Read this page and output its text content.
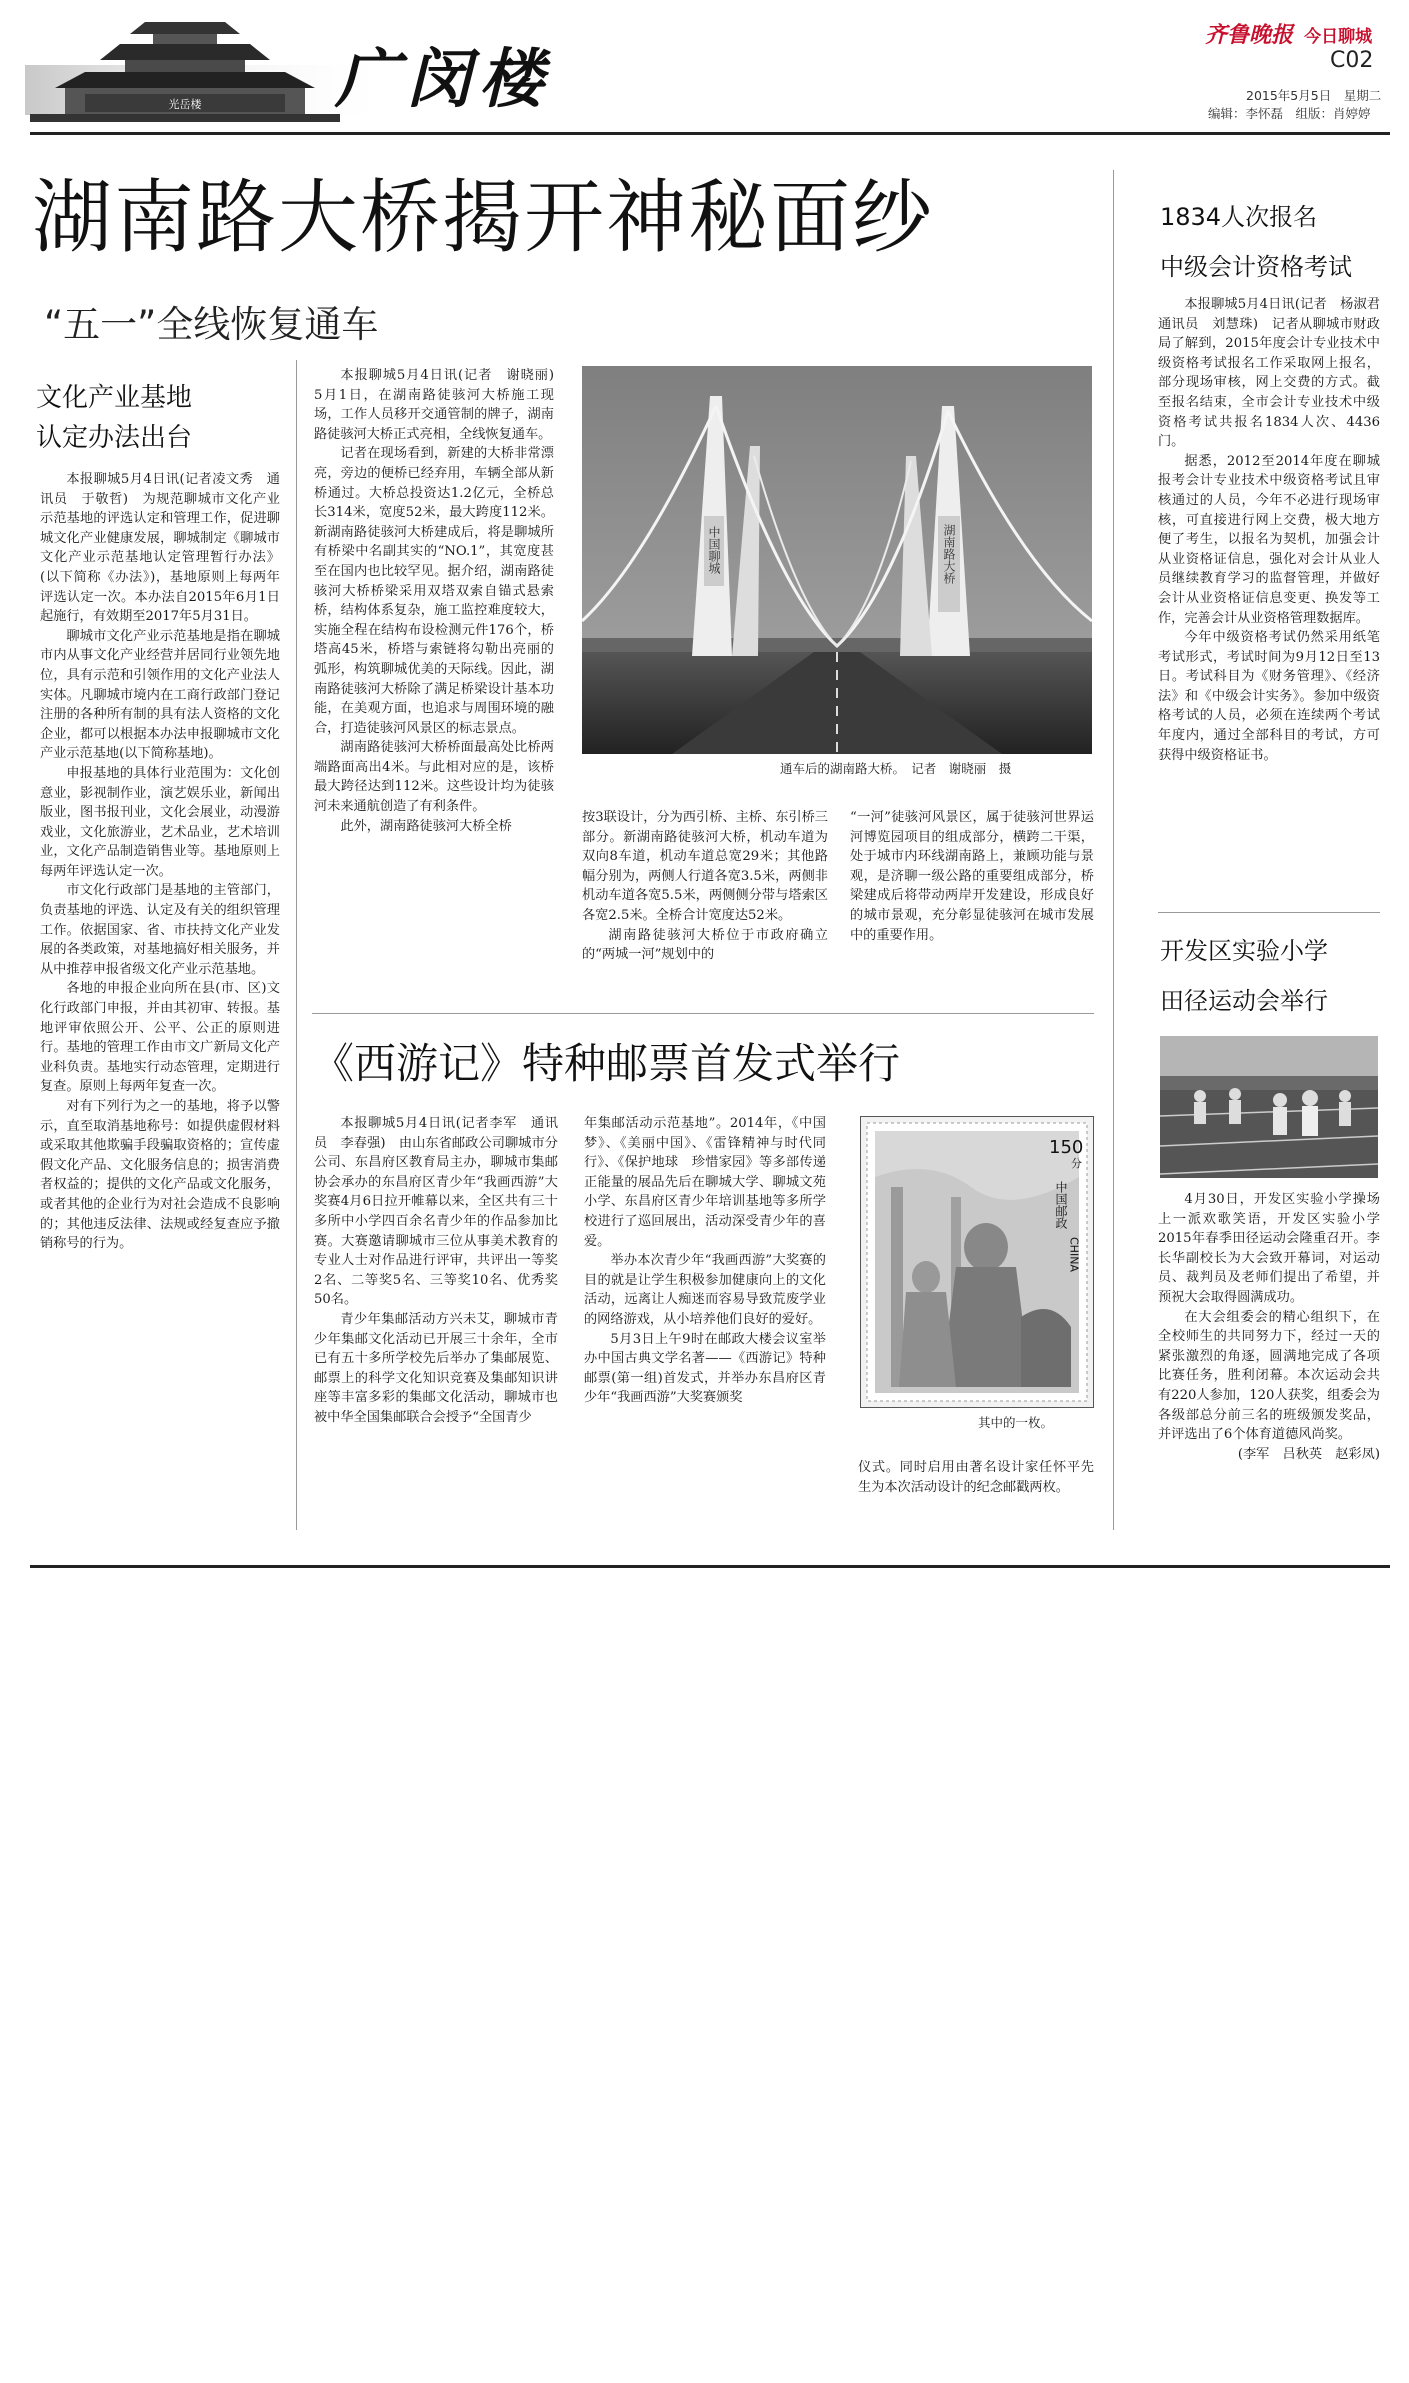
光岳楼 广闵楼
齐鲁晚报 今日聊城
C02
2015年5月5日　星期二
编辑：李怀磊　组版：肖婷婷
湖南路大桥揭开神秘面纱
“五一”全线恢复通车
文化产业基地
认定办法出台

本报聊城5月4日讯(记者凌文秀　通讯员　于敬哲)　为规范聊城市文化产业示范基地的评选认定和管理工作，促进聊城文化产业健康发展，聊城制定《聊城市文化产业示范基地认定管理暂行办法》(以下简称《办法》)，基地原则上每两年评选认定一次。本办法自2015年6月1日起施行，有效期至2017年5月31日。

聊城市文化产业示范基地是指在聊城市内从事文化产业经营并居同行业领先地位，具有示范和引领作用的文化产业法人实体。凡聊城市境内在工商行政部门登记注册的各种所有制的具有法人资格的文化企业，都可以根据本办法申报聊城市文化产业示范基地(以下简称基地)。

申报基地的具体行业范围为：文化创意业，影视制作业，演艺娱乐业，新闻出版业，图书报刊业，文化会展业，动漫游戏业，文化旅游业，艺术品业，艺术培训业，文化产品制造销售业等。基地原则上每两年评选认定一次。

市文化行政部门是基地的主管部门，负责基地的评选、认定及有关的组织管理工作。依据国家、省、市扶持文化产业发展的各类政策，对基地搞好相关服务，并从中推荐申报省级文化产业示范基地。

各地的申报企业向所在县(市、区)文化行政部门申报，并由其初审、转报。基地评审依照公开、公平、公正的原则进行。基地的管理工作由市文广新局文化产业科负责。基地实行动态管理，定期进行复查。原则上每两年复查一次。

对有下列行为之一的基地，将予以警示，直至取消基地称号：如提供虚假材料或采取其他欺骗手段骗取资格的；宣传虚假文化产品、文化服务信息的；损害消费者权益的；提供的文化产品或文化服务，或者其他的企业行为对社会造成不良影响的；其他违反法律、法规或经复查应予撤销称号的行为。

本报聊城5月4日讯(记者　谢晓丽)　5月1日，在湖南路徒骇河大桥施工现场，工作人员移开交通管制的牌子，湖南路徒骇河大桥正式亮相，全线恢复通车。

记者在现场看到，新建的大桥非常漂亮，旁边的便桥已经弃用，车辆全部从新桥通过。大桥总投资达1.2亿元，全桥总长314米，宽度52米，最大跨度112米。新湖南路徒骇河大桥建成后，将是聊城所有桥梁中名副其实的“NO.1”，其宽度甚至在国内也比较罕见。据介绍，湖南路徒骇河大桥桥梁采用双塔双索自锚式悬索桥，结构体系复杂，施工监控难度较大，实施全程在结构布设检测元件176个，桥塔高45米，桥塔与索链将勾勒出亮丽的弧形，构筑聊城优美的天际线。因此，湖南路徒骇河大桥除了满足桥梁设计基本功能，在美观方面，也追求与周围环境的融合，打造徒骇河风景区的标志景点。

湖南路徒骇河大桥桥面最高处比桥两端路面高出4米。与此相对应的是，该桥最大跨径达到112米。这些设计均为徒骇河未来通航创造了有利条件。

此外，湖南路徒骇河大桥全桥

中国聊城	湖南路大桥
通车后的湖南路大桥。　记者　谢晓丽　摄

按3联设计，分为西引桥、主桥、东引桥三部分。新湖南路徒骇河大桥，机动车道为双向8车道，机动车道总宽29米；其他路幅分别为，两侧人行道各宽3.5米，两侧非机动车道各宽5.5米，两侧侧分带与塔索区各宽2.5米。全桥合计宽度达52米。

湖南路徒骇河大桥位于市政府确立的“两城一河”规划中的

“一河”徒骇河风景区，属于徒骇河世界运河博览园项目的组成部分，横跨二干渠，处于城市内环线湖南路上，兼顾功能与景观，是济聊一级公路的重要组成部分，桥梁建成后将带动两岸开发建设，形成良好的城市景观，充分彰显徒骇河在城市发展中的重要作用。

《西游记》特种邮票首发式举行

本报聊城5月4日讯(记者李军　通讯员　李春强)　由山东省邮政公司聊城市分公司、东昌府区教育局主办，聊城市集邮协会承办的东昌府区青少年“我画西游”大奖赛4月6日拉开帷幕以来，全区共有三十多所中小学四百余名青少年的作品参加比赛。大赛邀请聊城市三位从事美术教育的专业人士对作品进行评审，共评出一等奖2名、二等奖5名、三等奖10名、优秀奖50名。

青少年集邮活动方兴未艾，聊城市青少年集邮文化活动已开展三十余年，全市已有五十多所学校先后举办了集邮展览、邮票上的科学文化知识竞赛及集邮知识讲座等丰富多彩的集邮文化活动，聊城市也被中华全国集邮联合会授予“全国青少

年集邮活动示范基地”。2014年，《中国梦》、《美丽中国》、《雷锋精神与时代同行》、《保护地球　珍惜家园》等多部传递正能量的展品先后在聊城大学、聊城文苑小学、东昌府区青少年培训基地等多所学校进行了巡回展出，活动深受青少年的喜爱。

举办本次青少年“我画西游”大奖赛的目的就是让学生积极参加健康向上的文化活动，远离让人痴迷而容易导致荒废学业的网络游戏，从小培养他们良好的爱好。

5月3日上午9时在邮政大楼会议室举办中国古典文学名著——《西游记》特种邮票(第一组)首发式，并举办东昌府区青少年“我画西游”大奖赛颁奖

150
分
中国邮政
CHINA
其中的一枚。

仪式。同时启用由著名设计家任怀平先生为本次活动设计的纪念邮戳两枚。

1834人次报名
中级会计资格考试

本报聊城5月4日讯(记者　杨淑君　通讯员　刘慧珠)　记者从聊城市财政局了解到，2015年度会计专业技术中级资格考试报名工作采取网上报名，部分现场审核，网上交费的方式。截至报名结束，全市会计专业技术中级资格考试共报名1834人次、4436门。

据悉，2012至2014年度在聊城报考会计专业技术中级资格考试且审核通过的人员，今年不必进行现场审核，可直接进行网上交费，极大地方便了考生，以报名为契机，加强会计从业资格证信息，强化对会计从业人员继续教育学习的监督管理，并做好会计从业资格证信息变更、换发等工作，完善会计从业资格管理数据库。

今年中级资格考试仍然采用纸笔考试形式，考试时间为9月12日至13日。考试科目为《财务管理》、《经济法》和《中级会计实务》。参加中级资格考试的人员，必须在连续两个考试年度内，通过全部科目的考试，方可获得中级资格证书。

开发区实验小学
田径运动会举行

4月30日，开发区实验小学操场上一派欢歌笑语，开发区实验小学2015年春季田径运动会隆重召开。李长华副校长为大会致开幕词，对运动员、裁判员及老师们提出了希望，并预祝大会取得圆满成功。

在大会组委会的精心组织下，在全校师生的共同努力下，经过一天的紧张激烈的角逐，圆满地完成了各项比赛任务，胜利闭幕。本次运动会共有220人参加，120人获奖，组委会为各级部总分前三名的班级颁发奖品，并评选出了6个体育道德风尚奖。

(李军　吕秋英　赵彩凤)
